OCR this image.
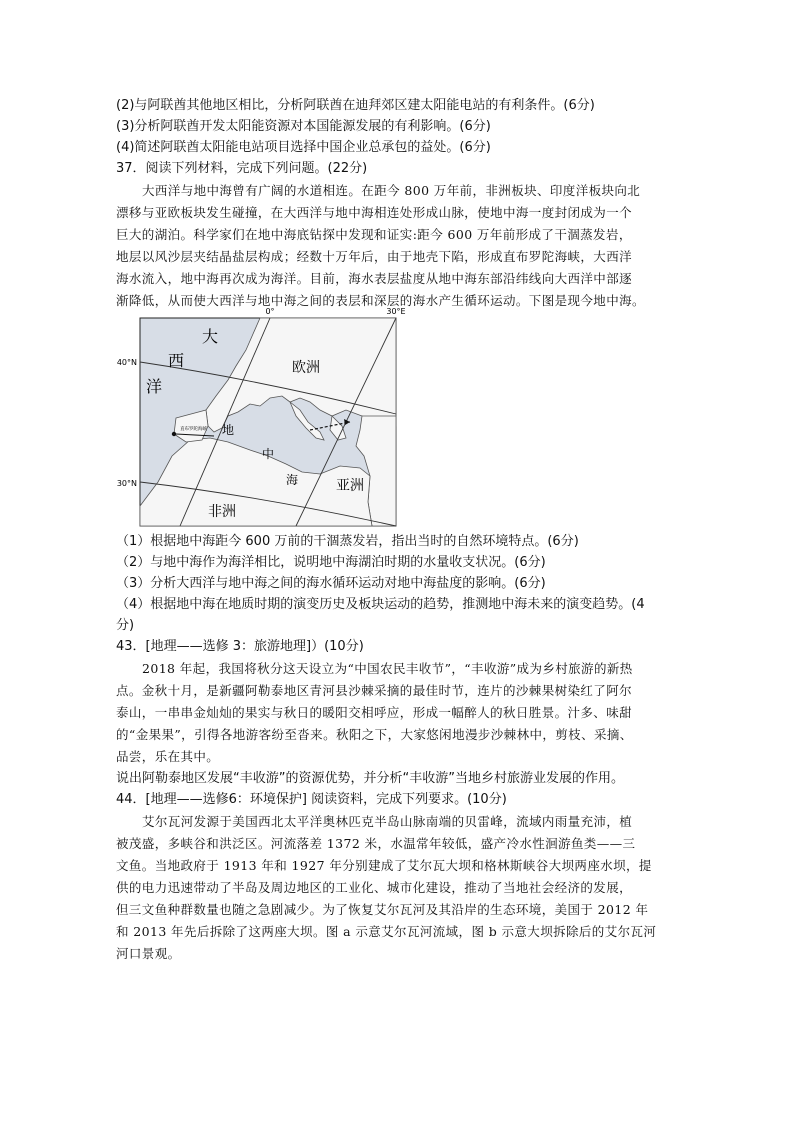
(2)与阿联酋其他地区相比，分析阿联酋在迪拜郊区建太阳能电站的有利条件。(6分)
(3)分析阿联酋开发太阳能资源对本国能源发展的有利影响。(6分)
(4)简述阿联酋太阳能电站项目选择中国企业总承包的益处。(6分)
37．阅读下列材料，完成下列问题。(22分)
大西洋与地中海曾有广阔的水道相连。在距今 800 万年前，非洲板块、印度洋板块向北
漂移与亚欧板块发生碰撞，在大西洋与地中海相连处形成山脉，使地中海一度封闭成为一个
巨大的湖泊。科学家们在地中海底钻探中发现和证实:距今 600 万年前形成了干涸蒸发岩，
地层以风沙层夹结晶盐层构成；经数十万年后，由于地壳下陷，形成直布罗陀海峡，大西洋
海水流入，地中海再次成为海洋。目前，海水表层盐度从地中海东部沿纬线向大西洋中部逐
渐降低，从而使大西洋与地中海之间的表层和深层的海水产生循环运动。下图是现今地中海。
0°	30°E
40°N
30°N
大
西
洋
欧洲
地
中
海	亚洲
非洲
直布罗陀海峡
（1）根据地中海距今 600 万前的干涸蒸发岩，指出当时的自然环境特点。(6分)
（2）与地中海作为海洋相比，说明地中海湖泊时期的水量收支状况。(6分)
（3）分析大西洋与地中海之间的海水循环运动对地中海盐度的影响。(6分)
（4）根据地中海在地质时期的演变历史及板块运动的趋势，推测地中海未来的演变趋势。(4
分)
43．[地理——选修 3：旅游地理]）(10分)
2018 年起，我国将秋分这天设立为“中国农民丰收节”，“丰收游”成为乡村旅游的新热
点。金秋十月，是新疆阿勒泰地区青河县沙棘采摘的最佳时节，连片的沙棘果树染红了阿尔
泰山，一串串金灿灿的果实与秋日的暖阳交相呼应，形成一幅醉人的秋日胜景。汁多、味甜
的“金果果”，引得各地游客纷至沓来。秋阳之下，大家悠闲地漫步沙棘林中，剪枝、采摘、
品尝，乐在其中。
说出阿勒泰地区发展“丰收游”的资源优势，并分析“丰收游”当地乡村旅游业发展的作用。
44．[地理——选修6：环境保护] 阅读资料，完成下列要求。(10分)
艾尔瓦河发源于美国西北太平洋奥林匹克半岛山脉南端的贝雷峰，流域内雨量充沛，植
被茂盛，多峡谷和洪泛区。河流落差 1372 米，水温常年较低，盛产冷水性洄游鱼类——三
文鱼。当地政府于 1913 年和 1927 年分别建成了艾尔瓦大坝和格林斯峡谷大坝两座水坝，提
供的电力迅速带动了半岛及周边地区的工业化、城市化建设，推动了当地社会经济的发展，
但三文鱼种群数量也随之急剧减少。为了恢复艾尔瓦河及其沿岸的生态环境，美国于 2012 年
和 2013 年先后拆除了这两座大坝。图 a 示意艾尔瓦河流域，图 b 示意大坝拆除后的艾尔瓦河
河口景观。
